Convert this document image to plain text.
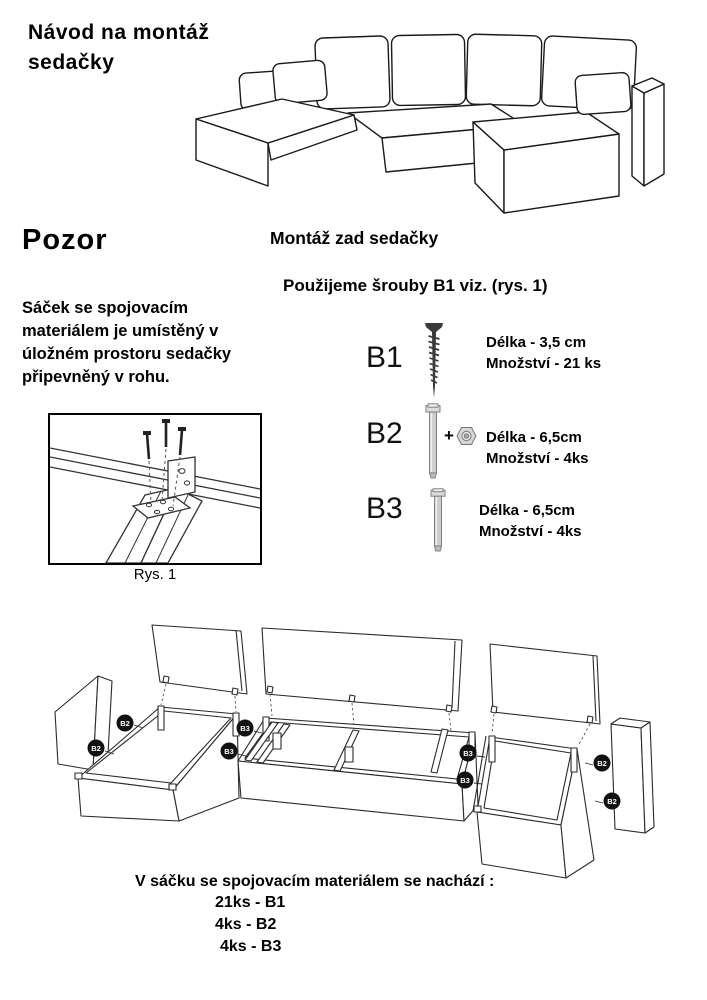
Návod na montáž
sedačky
Pozor	Montáž zad sedačky
Použijeme šrouby B1 viz. (rys. 1)
Sáček se spojovacím materiálem je umístěný v úložném prostoru sedačky připevněný v rohu.
Rys. 1
B1	Délka - 3,5 cm
Množství - 21 ks
B2 + Délka - 6,5cm
Množství - 4ks
B3	Délka - 6,5cm
Množství - 4ks
B2
B2
B3
B3	B3
B3
B2
B2
V sáčku se spojovacím materiálem se nachází :
21ks - B1
4ks - B2
4ks - B3
